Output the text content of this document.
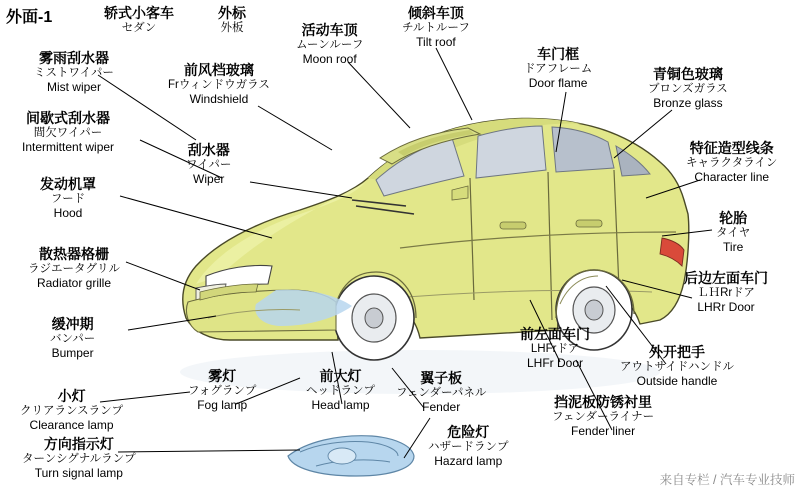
外面-1
来自专栏 / 汽车专业技师
轿式小客车
セダン
外标
外板	活动车顶
ムーンルーフ
Moon roof
倾斜车顶
チルトルーフ
Tilt roof
车门框
ドアフレーム
Door flame
青铜色玻璃
ブロンズガラス
Bronze glass
雾雨刮水器
ミストワイパー
Mist wiper
前风档玻璃
Frウィンドウガラス
Windshield
间歇式刮水器
間欠ワイパー
Intermittent wiper	刮水器
ワイパー
Wiper
特征造型线条
キャラクタライン
Character line
发动机罩
フード
Hood	轮胎
タイヤ
Tire
散热器格栅
ラジエータグリル
Radiator grille	后边左面车门
ＬＨRrドア
LHRr Door
缓冲期
バンパー
Bumper
前左面车门
LHFrドア
LHFr Door
外开把手
アウトサイドハンドル
Outside handle
雾灯
フォグランプ
Fog lamp
前大灯
ヘッドランプ
Head lamp
翼子板
フェンダーパネル
Fender
小灯
クリアランスランプ
Clearance lamp
挡泥板防锈衬里
フェンダーライナー
Fender liner
危险灯
ハザードランプ
Hazard lamp
方向指示灯
ターンシグナルランプ
Turn signal lamp
